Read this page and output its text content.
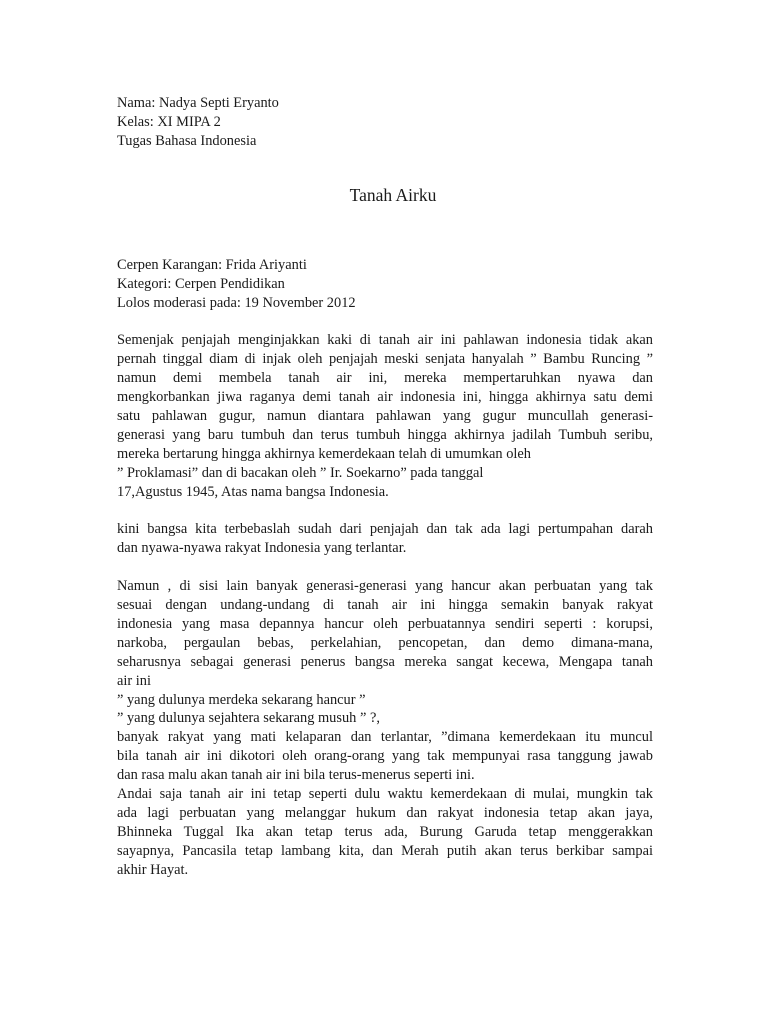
Nama: Nadya Septi Eryanto
Kelas: XI MIPA 2
Tugas Bahasa Indonesia
Tanah Airku
Cerpen Karangan: Frida Ariyanti
Kategori: Cerpen Pendidikan
Lolos moderasi pada: 19 November 2012
Semenjak penjajah menginjakkan kaki di tanah air ini pahlawan indonesia tidak akan
pernah tinggal diam di injak oleh penjajah meski senjata hanyalah ” Bambu Runcing ”
namun demi membela tanah air ini, mereka mempertaruhkan nyawa dan
mengkorbankan jiwa raganya demi tanah air indonesia ini, hingga akhirnya satu demi
satu pahlawan gugur, namun diantara pahlawan yang gugur muncullah generasi-
generasi yang baru tumbuh dan terus tumbuh hingga akhirnya jadilah Tumbuh seribu,
mereka bertarung hingga akhirnya kemerdekaan telah di umumkan oleh
” Proklamasi” dan di bacakan oleh ” Ir. Soekarno” pada tanggal
17,Agustus 1945, Atas nama bangsa Indonesia.
kini bangsa kita terbebaslah sudah dari penjajah dan tak ada lagi pertumpahan darah
dan nyawa-nyawa rakyat Indonesia yang terlantar.
Namun , di sisi lain banyak generasi-generasi yang hancur akan perbuatan yang tak
sesuai dengan undang-undang di tanah air ini hingga semakin banyak rakyat
indonesia yang masa depannya hancur oleh perbuatannya sendiri seperti : korupsi,
narkoba, pergaulan bebas, perkelahian, pencopetan, dan demo dimana-mana,
seharusnya sebagai generasi penerus bangsa mereka sangat kecewa, Mengapa tanah
air ini
” yang dulunya merdeka sekarang hancur ”
” yang dulunya sejahtera sekarang musuh ” ?,
banyak rakyat yang mati kelaparan dan terlantar, ”dimana kemerdekaan itu muncul
bila tanah air ini dikotori oleh orang-orang yang tak mempunyai rasa tanggung jawab
dan rasa malu akan tanah air ini bila terus-menerus seperti ini.
Andai saja tanah air ini tetap seperti dulu waktu kemerdekaan di mulai, mungkin tak
ada lagi perbuatan yang melanggar hukum dan rakyat indonesia tetap akan jaya,
Bhinneka Tuggal Ika akan tetap terus ada, Burung Garuda tetap menggerakkan
sayapnya, Pancasila tetap lambang kita, dan Merah putih akan terus berkibar sampai
akhir Hayat.
